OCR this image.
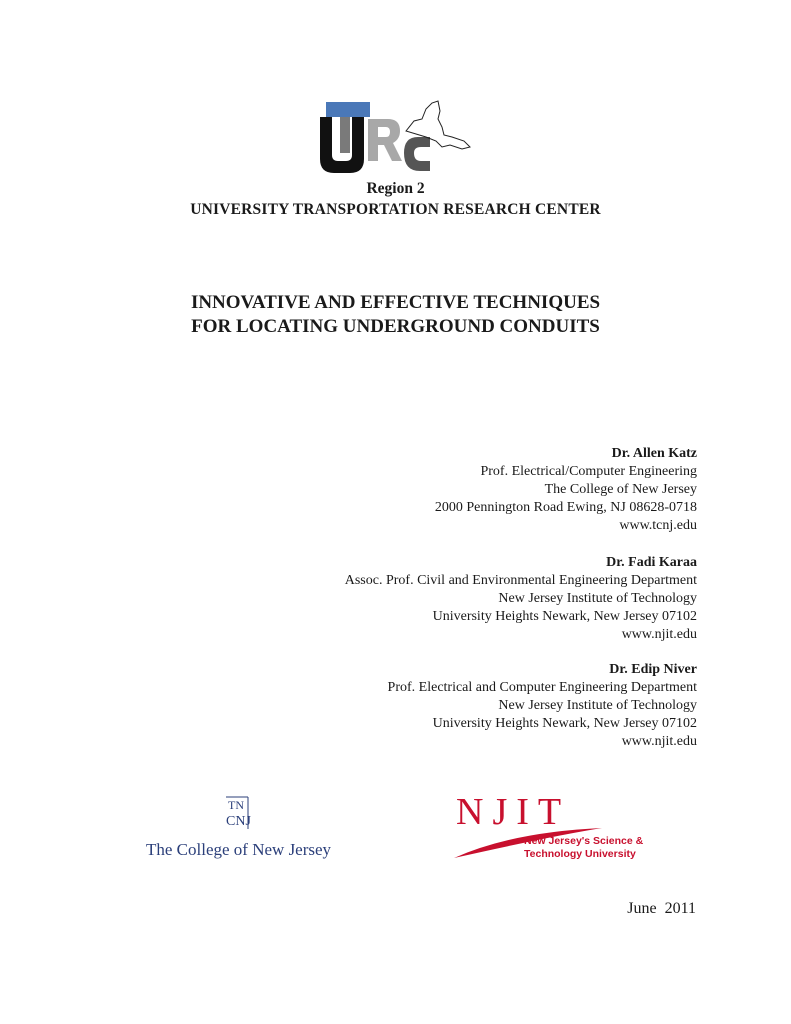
Region 2
UNIVERSITY TRANSPORTATION RESEARCH CENTER
INNOVATIVE AND EFFECTIVE TECHNIQUES
FOR LOCATING UNDERGROUND CONDUITS
Dr. Allen Katz
Prof. Electrical/Computer Engineering
The College of New Jersey
2000 Pennington Road Ewing, NJ 08628-0718
www.tcnj.edu
Dr. Fadi Karaa
Assoc. Prof. Civil and Environmental Engineering Department
New Jersey Institute of Technology
University Heights Newark, New Jersey 07102
www.njit.edu
Dr. Edip Niver
Prof. Electrical and Computer Engineering Department
New Jersey Institute of Technology
University Heights Newark, New Jersey 07102
www.njit.edu
TN
CNJ
The College of New Jersey
NJIT
New Jersey's Science &
Technology University
June  2011
